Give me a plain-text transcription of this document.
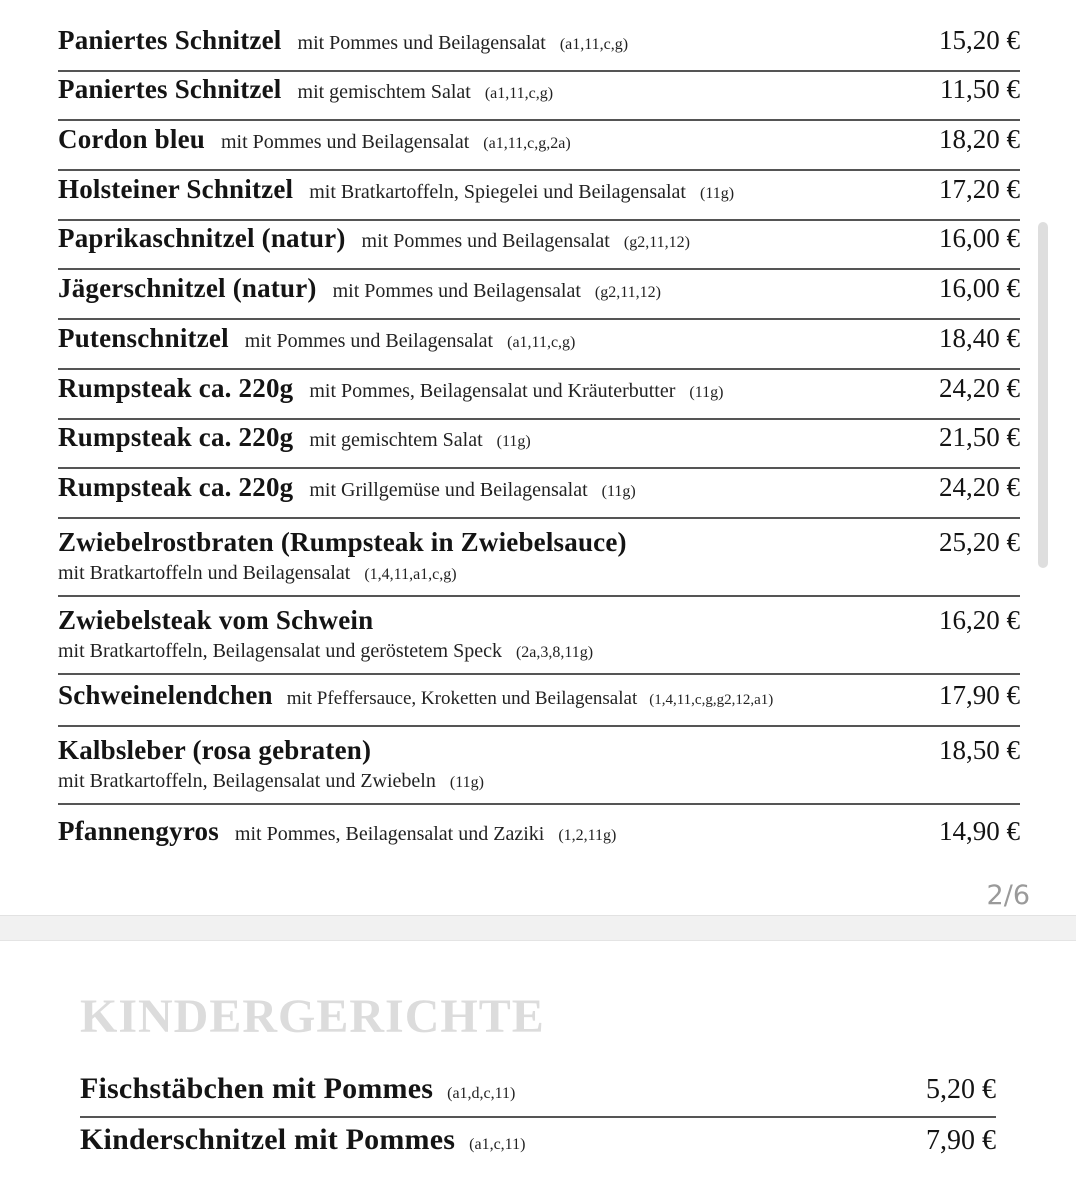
Paniertes Schnitzel mit Pommes und Beilagensalat (a1,11,c,g)	15,20 €
Paniertes Schnitzel mit gemischtem Salat (a1,11,c,g)	11,50 €
Cordon bleu mit Pommes und Beilagensalat (a1,11,c,g,2a)	18,20 €
Holsteiner Schnitzel mit Bratkartoffeln, Spiegelei und Beilagensalat (11g)	17,20 €
Paprikaschnitzel (natur) mit Pommes und Beilagensalat (g2,11,12)	16,00 €
Jägerschnitzel (natur) mit Pommes und Beilagensalat (g2,11,12)	16,00 €
Putenschnitzel mit Pommes und Beilagensalat (a1,11,c,g)	18,40 €
Rumpsteak ca. 220g mit Pommes, Beilagensalat und Kräuterbutter (11g)	24,20 €
Rumpsteak ca. 220g mit gemischtem Salat (11g)	21,50 €
Rumpsteak ca. 220g mit Grillgemüse und Beilagensalat (11g)	24,20 €
Zwiebelrostbraten (Rumpsteak in Zwiebelsauce)	25,20 €
mit Bratkartoffeln und Beilagensalat (1,4,11,a1,c,g)
Zwiebelsteak vom Schwein	16,20 €
mit Bratkartoffeln, Beilagensalat und geröstetem Speck (2a,3,8,11g)
Schweinelendchen mit Pfeffersauce, Kroketten und Beilagensalat (1,4,11,c,g,g2,12,a1)	17,90 €
Kalbsleber (rosa gebraten)	18,50 €
mit Bratkartoffeln, Beilagensalat und Zwiebeln (11g)
Pfannengyros mit Pommes, Beilagensalat und Zaziki (1,2,11g)	14,90 €
2/6
KINDERGERICHTE
Fischstäbchen mit Pommes (a1,d,c,11)	5,20 €
Kinderschnitzel mit Pommes (a1,c,11)	7,90 €
